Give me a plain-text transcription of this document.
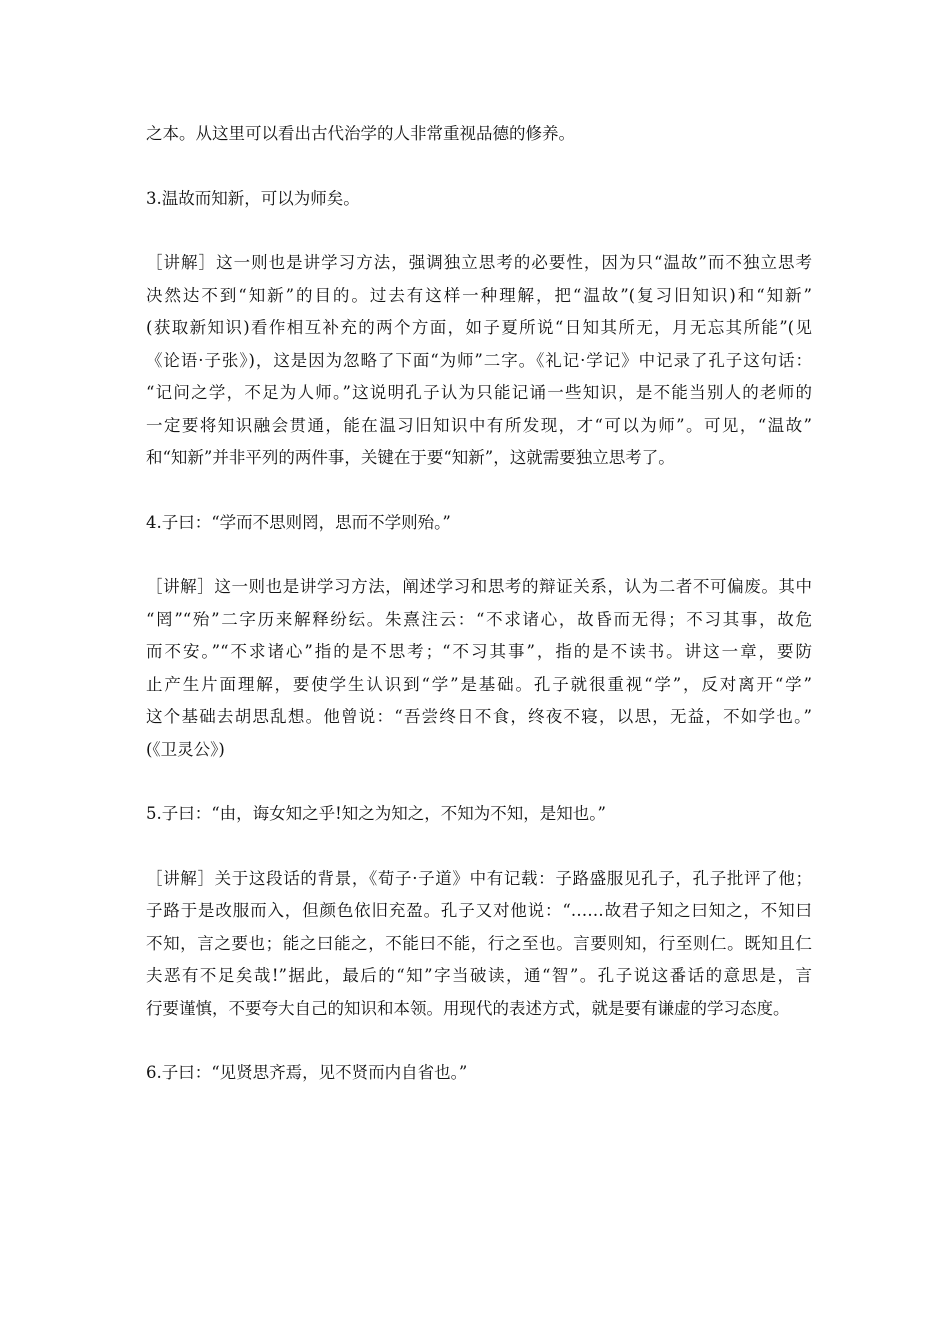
之本。从这里可以看出古代治学的人非常重视品德的修养。
3.温故而知新，可以为师矣。
［讲解］这一则也是讲学习方法，强调独立思考的必要性，因为只“温故”而不独立思考
决然达不到“知新”的目的。过去有这样一种理解，把“温故”(复习旧知识)和“知新”
(获取新知识)看作相互补充的两个方面，如子夏所说“日知其所无，月无忘其所能”(见
《论语·子张》)，这是因为忽略了下面“为师”二字。《礼记·学记》中记录了孔子这句话：
“记问之学，不足为人师。”这说明孔子认为只能记诵一些知识，是不能当别人的老师的
一定要将知识融会贯通，能在温习旧知识中有所发现，才“可以为师”。可见，“温故”
和“知新”并非平列的两件事，关键在于要“知新”，这就需要独立思考了。
4.子曰：“学而不思则罔，思而不学则殆。”
［讲解］这一则也是讲学习方法，阐述学习和思考的辩证关系，认为二者不可偏废。其中
“罔”“殆”二字历来解释纷纭。朱熹注云：“不求诸心，故昏而无得；不习其事，故危
而不安。”“不求诸心”指的是不思考；“不习其事”，指的是不读书。讲这一章，要防
止产生片面理解，要使学生认识到“学”是基础。孔子就很重视“学”，反对离开“学”
这个基础去胡思乱想。他曾说：“吾尝终日不食，终夜不寝，以思，无益，不如学也。”
(《卫灵公》)
5.子曰：“由，诲女知之乎!知之为知之，不知为不知，是知也。”
［讲解］关于这段话的背景，《荀子·子道》中有记载：子路盛服见孔子，孔子批评了他；
子路于是改服而入，但颜色依旧充盈。孔子又对他说：“……故君子知之曰知之，不知曰
不知，言之要也；能之曰能之，不能曰不能，行之至也。言要则知，行至则仁。既知且仁
夫恶有不足矣哉!”据此，最后的“知”字当破读，通“智”。孔子说这番话的意思是，言
行要谨慎，不要夸大自己的知识和本领。用现代的表述方式，就是要有谦虚的学习态度。
6.子曰：“见贤思齐焉，见不贤而内自省也。”
